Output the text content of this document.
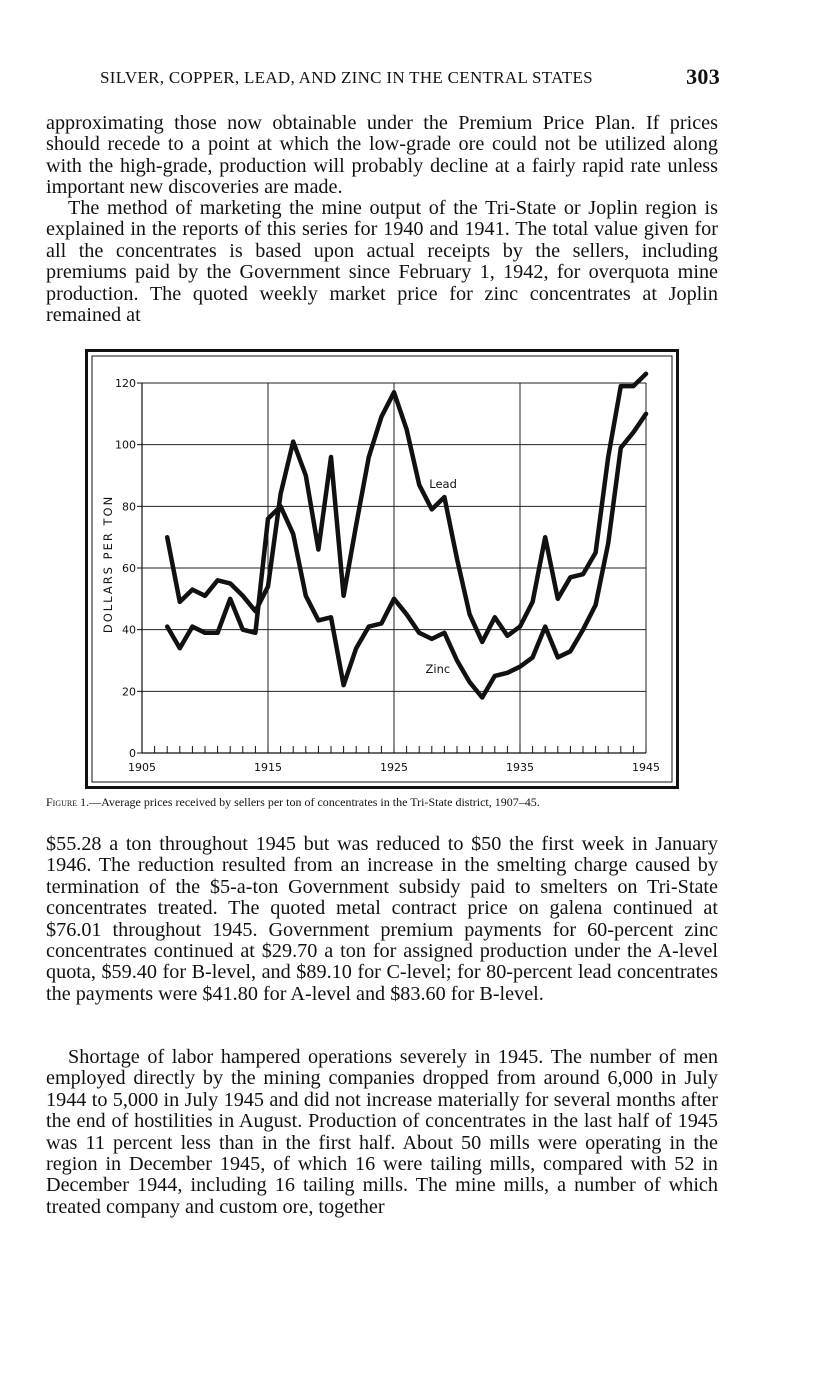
SILVER, COPPER, LEAD, AND ZINC IN THE CENTRAL STATES	303

approximating those now obtainable under the Premium Price Plan. If prices should recede to a point at which the low-grade ore could not be utilized along with the high-grade, production will probably decline at a fairly rapid rate unless important new discoveries are made.

The method of marketing the mine output of the Tri-State or Joplin region is explained in the reports of this series for 1940 and 1941. The total value given for all the concentrates is based upon actual receipts by the sellers, including premiums paid by the Government since February 1, 1942, for overquota mine production. The quoted weekly market price for zinc concentrates at Joplin remained at

0
20
40
60
80
100
120
1905	1915	1925	1935	1945
DOLLARS PER TON
Lead
Zinc
Figure 1.—Average prices received by sellers per ton of concentrates in the Tri-State district, 1907–45.

$55.28 a ton throughout 1945 but was reduced to $50 the first week in January 1946. The reduction resulted from an increase in the smelting charge caused by termination of the $5-a-ton Government subsidy paid to smelters on Tri-State concentrates treated. The quoted metal contract price on galena continued at $76.01 throughout 1945. Government premium payments for 60-percent zinc concentrates continued at $29.70 a ton for assigned production under the A-level quota, $59.40 for B-level, and $89.10 for C-level; for 80-percent lead concentrates the payments were $41.80 for A-level and $83.60 for B-level.

Shortage of labor hampered operations severely in 1945. The number of men employed directly by the mining companies dropped from around 6,000 in July 1944 to 5,000 in July 1945 and did not increase materially for several months after the end of hostilities in August. Production of concentrates in the last half of 1945 was 11 percent less than in the first half. About 50 mills were operating in the region in December 1945, of which 16 were tailing mills, compared with 52 in December 1944, including 16 tailing mills. The mine mills, a number of which treated company and custom ore, together
